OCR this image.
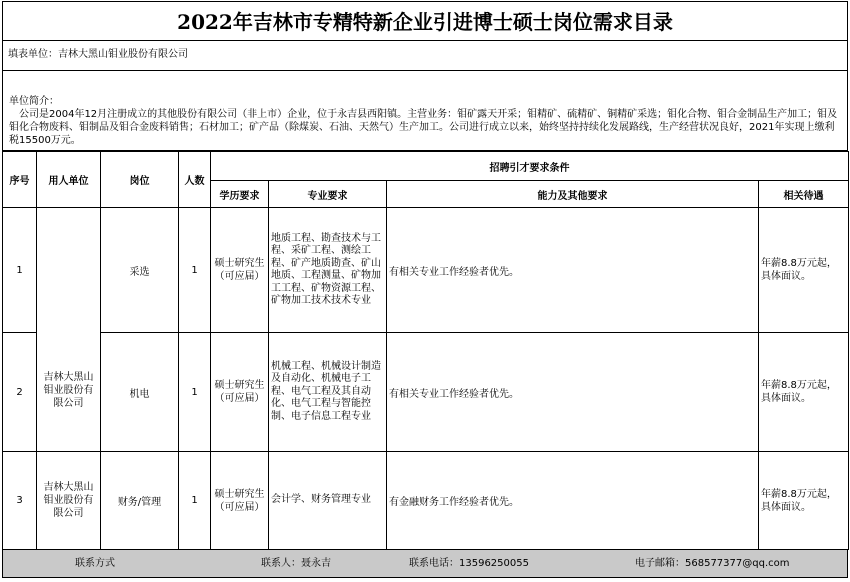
2022年吉林市专精特新企业引进博士硕士岗位需求目录
填表单位：吉林大黑山钼业股份有限公司
单位简介：
公司是2004年12月注册成立的其他股份有限公司（非上市）企业，位于永吉县西阳镇。主营业务：钼矿露天开采；钼精矿、硫精矿、铜精矿采选；钼化合物、钼合金制品生产加工；钼及钼化合物废料、钼制品及钼合金废料销售；石材加工；矿产品（除煤炭、石油、天然气）生产加工。公司进行成立以来，始终坚持持续化发展路线，生产经营状况良好，2021年实现上缴利税15500万元。
序号	用人单位	岗位	人数	招聘引才要求条件			
				学历要求	专业要求	能力及其他要求	相关待遇
1	吉林大黑山钼业股份有限公司	采选	1	硕士研究生（可应届）	地质工程、勘查技术与工程、采矿工程、测绘工程、矿产地质勘查、矿山地质、工程测量、矿物加工工程、矿物资源工程、矿物加工技术技术专业	有相关专业工作经验者优先。	年薪8.8万元起，具体面议。
2		机电	1	硕士研究生（可应届）	机械工程、机械设计制造及自动化、机械电子工程、电气工程及其自动化、电气工程与智能控制、电子信息工程专业	有相关专业工作经验者优先。	年薪8.8万元起，具体面议。
3	吉林大黑山钼业股份有限公司	财务/管理	1	硕士研究生（可应届）	会计学、财务管理专业	有金融财务工作经验者优先。	年薪8.8万元起，具体面议。
联系方式	联系人：聂永吉	联系电话：13596250055	电子邮箱：568577377@qq.com
